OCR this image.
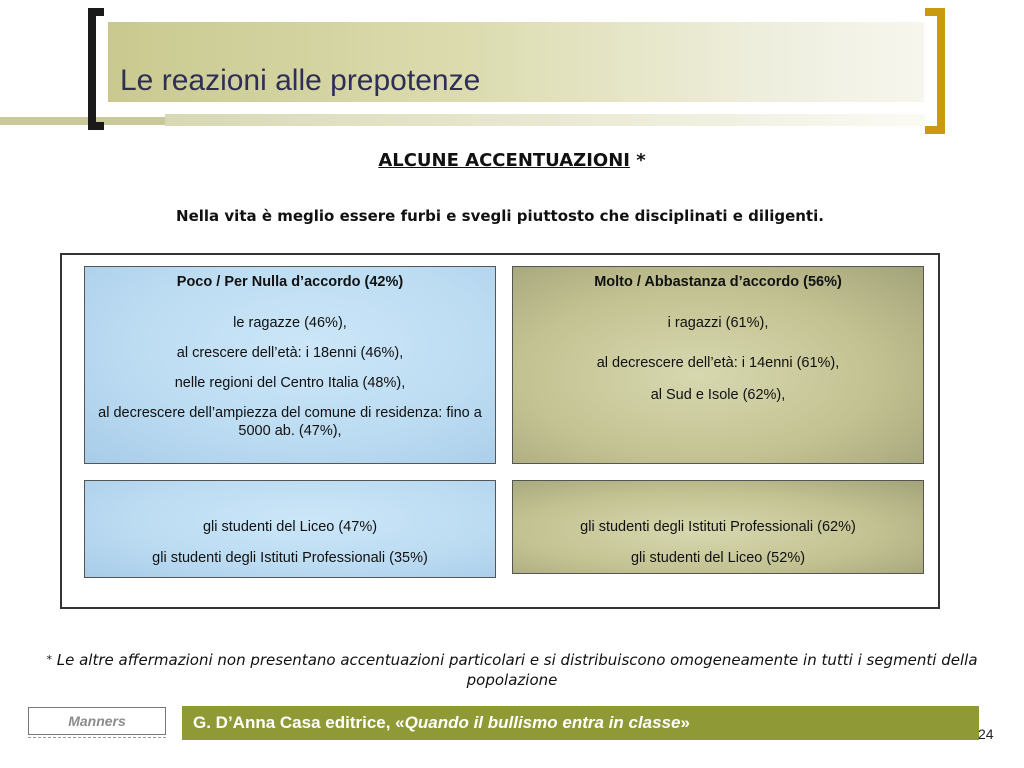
Le reazioni alle prepotenze
ALCUNE ACCENTUAZIONI *
Nella vita è meglio essere furbi e svegli piuttosto che disciplinati e diligenti.
Poco / Per Nulla d’accordo (42%)

le ragazze (46%),

al crescere dell’età: i 18enni (46%),

nelle regioni del Centro Italia (48%),

al decrescere dell’ampiezza del comune di residenza: fino a 5000 ab. (47%),

Molto / Abbastanza d’accordo (56%)

i ragazzi (61%),

al decrescere dell’età: i 14enni (61%),

al Sud e Isole (62%),

gli studenti del Liceo (47%)

gli studenti degli Istituti Professionali (35%)

gli studenti degli Istituti Professionali (62%)

gli studenti del Liceo (52%)

* Le altre affermazioni non presentano accentuazioni particolari e si distribuiscono omogeneamente in tutti i segmenti della popolazione
Manners	G. D’Anna Casa editrice, «Quando il bullismo entra in classe»
24
